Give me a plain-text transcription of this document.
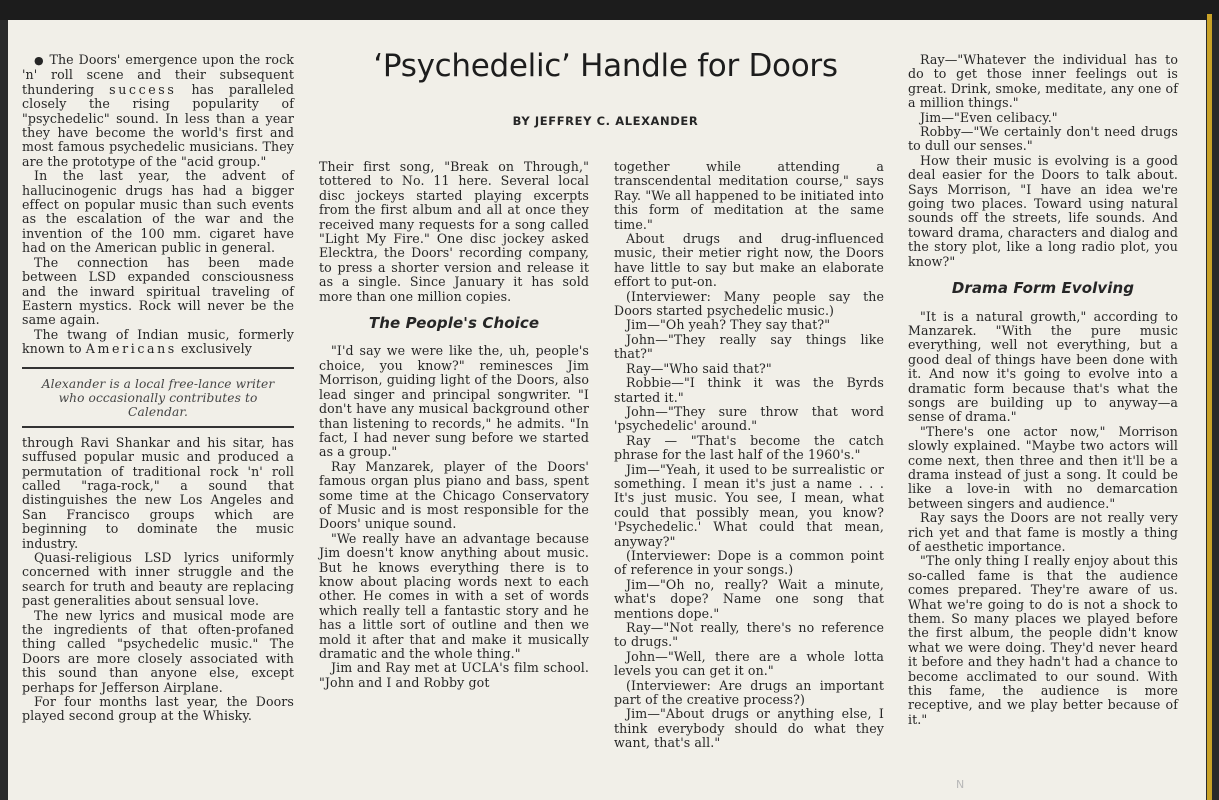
‘Psychedelic’ Handle for Doors
BY JEFFREY C. ALEXANDER

● The Doors' emergence upon the rock 'n' roll scene and their subsequent thundering success has paralleled closely the rising popularity of "psychedelic" sound. In less than a year they have become the world's first and most famous psychedelic musicians. They are the prototype of the "acid group."

In the last year, the advent of hallucinogenic drugs has had a bigger effect on popular music than such events as the escalation of the war and the invention of the 100 mm. cigaret have had on the American public in general.

The connection has been made between LSD expanded consciousness and the inward spiritual traveling of Eastern mystics. Rock will never be the same again.

The twang of Indian music, formerly known to Americans exclusively

Alexander is a local free-lance writer who occasionally contributes to Calendar.

through Ravi Shankar and his sitar, has suffused popular music and produced a permutation of traditional rock 'n' roll called "raga-rock," a sound that distinguishes the new Los Angeles and San Francisco groups which are beginning to dominate the music industry.

Quasi-religious LSD lyrics uniformly concerned with inner struggle and the search for truth and beauty are replacing past generalities about sensual love.

The new lyrics and musical mode are the ingredients of that often-profaned thing called "psychedelic music." The Doors are more closely associated with this sound than anyone else, except perhaps for Jefferson Airplane.

For four months last year, the Doors played second group at the Whisky.

Their first song, "Break on Through," tottered to No. 11 here. Several local disc jockeys started playing excerpts from the first album and all at once they received many requests for a song called "Light My Fire." One disc jockey asked Elecktra, the Doors' recording company, to press a shorter version and release it as a single. Since January it has sold more than one million copies.

The People's Choice

"I'd say we were like the, uh, people's choice, you know?" reminesces Jim Morrison, guiding light of the Doors, also lead singer and principal songwriter. "I don't have any musical background other than listening to records," he admits. "In fact, I had never sung before we started as a group."

Ray Manzarek, player of the Doors' famous organ plus piano and bass, spent some time at the Chicago Conservatory of Music and is most responsible for the Doors' unique sound.

"We really have an advantage because Jim doesn't know anything about music. But he knows everything there is to know about placing words next to each other. He comes in with a set of words which really tell a fantastic story and he has a little sort of outline and then we mold it after that and make it musically dramatic and the whole thing."

Jim and Ray met at UCLA's film school. "John and I and Robby got

together while attending a transcendental meditation course," says Ray. "We all happened to be initiated into this form of meditation at the same time."

About drugs and drug-influenced music, their metier right now, the Doors have little to say but make an elaborate effort to put-on.

(Interviewer: Many people say the Doors started psychedelic music.)

Jim—"Oh yeah? They say that?"

John—"They really say things like that?"

Ray—"Who said that?"

Robbie—"I think it was the Byrds started it."

John—"They sure throw that word 'psychedelic' around."

Ray — "That's become the catch phrase for the last half of the 1960's."

Jim—"Yeah, it used to be surrealistic or something. I mean it's just a name . . . It's just music. You see, I mean, what could that possibly mean, you know? 'Psychedelic.' What could that mean, anyway?"

(Interviewer: Dope is a common point of reference in your songs.)

Jim—"Oh no, really? Wait a minute, what's dope? Name one song that mentions dope."

Ray—"Not really, there's no reference to drugs."

John—"Well, there are a whole lotta levels you can get it on."

(Interviewer: Are drugs an important part of the creative process?)

Jim—"About drugs or anything else, I think everybody should do what they want, that's all."

Ray—"Whatever the individual has to do to get those inner feelings out is great. Drink, smoke, meditate, any one of a million things."

Jim—"Even celibacy."

Robby—"We certainly don't need drugs to dull our senses."

How their music is evolving is a good deal easier for the Doors to talk about. Says Morrison, "I have an idea we're going two places. Toward using natural sounds off the streets, life sounds. And toward drama, characters and dialog and the story plot, like a long radio plot, you know?"

Drama Form Evolving

"It is a natural growth," according to Manzarek. "With the pure music everything, well not everything, but a good deal of things have been done with it. And now it's going to evolve into a dramatic form because that's what the songs are building up to anyway—a sense of drama."

"There's one actor now," Morrison slowly explained. "Maybe two actors will come next, then three and then it'll be a drama instead of just a song. It could be like a love-in with no demarcation between singers and audience."

Ray says the Doors are not really very rich yet and that fame is mostly a thing of aesthetic importance.

"The only thing I really enjoy about this so-called fame is that the audience comes prepared. They're aware of us. What we're going to do is not a shock to them. So many places we played before the first album, the people didn't know what we were doing. They'd never heard it before and they hadn't had a chance to become acclimated to our sound. With this fame, the audience is more receptive, and we play better because of it."

N
